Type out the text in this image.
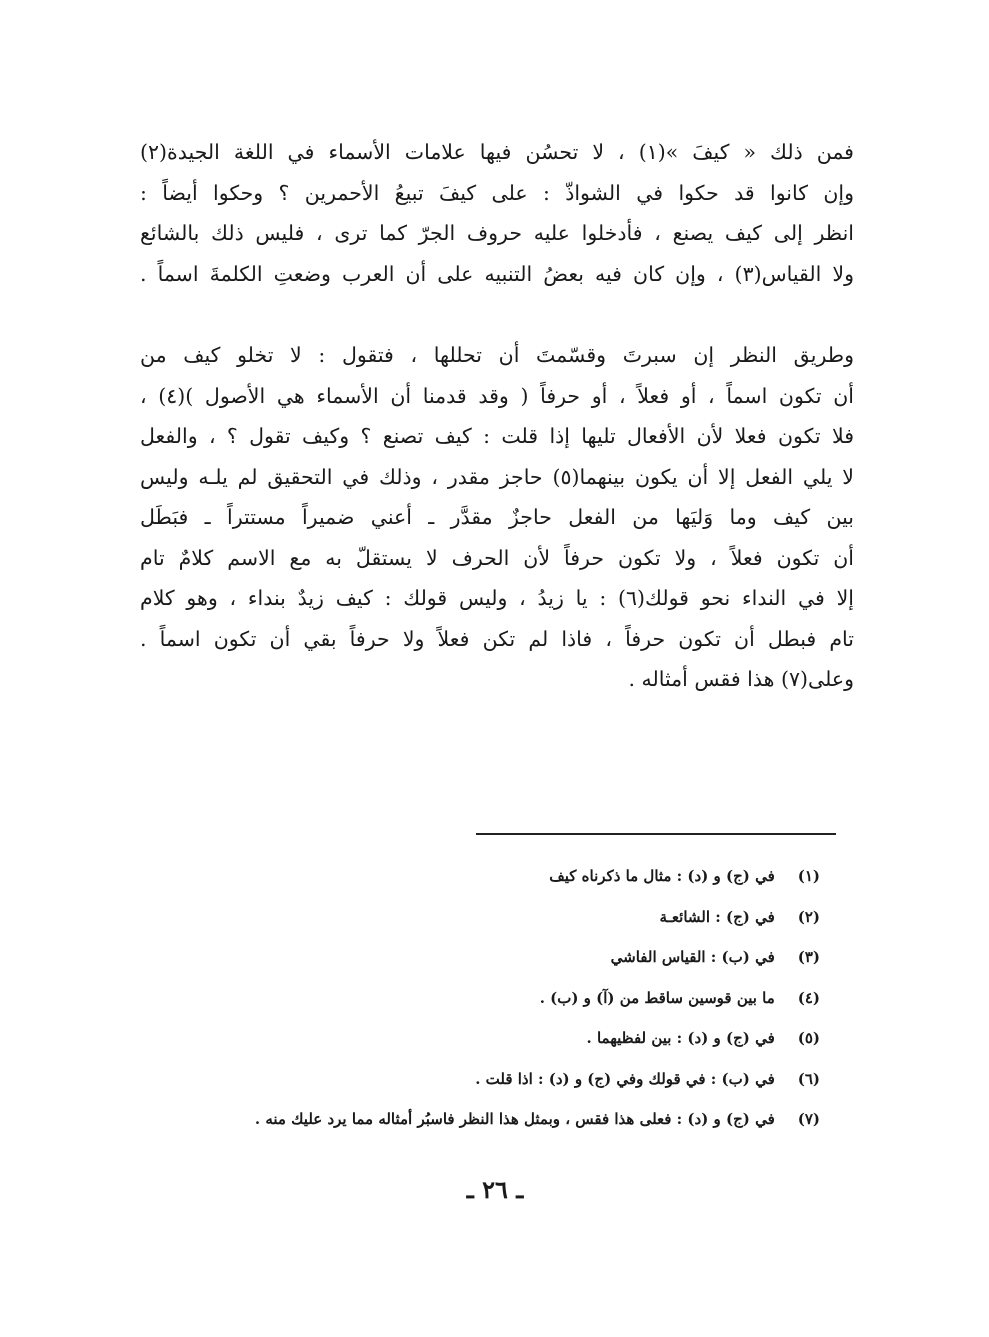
فمن ذلك « كيفَ »(١) ، لا تحسُن فيها علامات الأسماء في اللغة الجيدة(٢)
وإن كانوا قد حكوا في الشواذّ : على كيفَ تبيعُ الأحمرين ؟ وحكوا أيضاً :
انظر إلى كيف يصنع ، فأدخلوا عليه حروف الجرّ كما ترى ، فليس ذلك بالشائع
ولا القياس(٣) ، وإن كان فيه بعضُ التنبيه على أن العرب وضعتِ الكلمةَ اسماً .
وطريق النظر إن سبرتَ وقسّمتَ أن تحللها ، فتقول : لا تخلو كيف من
أن تكون اسماً ، أو فعلاً ، أو حرفاً ( وقد قدمنا أن الأسماء هي الأصول )(٤) ،
فلا تكون فعلا لأن الأفعال تليها إذا قلت : كيف تصنع ؟ وكيف تقول ؟ ، والفعل
لا يلي الفعل إلا أن يكون بينهما(٥) حاجز مقدر ، وذلك في التحقيق لم يلـه وليس
بين كيف وما وَليَها من الفعل حاجزٌ مقدَّر ـ أعني ضميراً مستتراً ـ فبَطَل
أن تكون فعلاً ، ولا تكون حرفاً لأن الحرف لا يستقلّ به مع الاسم كلامٌ تام
إلا في النداء نحو قولك(٦) : يا زيدُ ، وليس قولك : كيف زيدٌ بنداء ، وهو كلام
تام فبطل أن تكون حرفاً ، فاذا لم تكن فعلاً ولا حرفاً بقي أن تكون اسماً .
وعلى(٧) هذا فقس أمثاله .
(١) في (ج) و (د) : مثال ما ذكرناه كيف
(٢) في (ج) : الشائعـة
(٣) في (ب) : القياس الفاشي
(٤) ما بين قوسين ساقط من (آ) و (ب) .
(٥) في (ج) و (د) : بين لفظيهما .
(٦) في (ب) : في قولك وفي (ج) و (د) : اذا قلت .
(٧) في (ج) و (د) : فعلى هذا فقس ، وبمثل هذا النظر فاسبُر أمثاله مما يرد عليك منه .
ـ ٢٦ ـ
